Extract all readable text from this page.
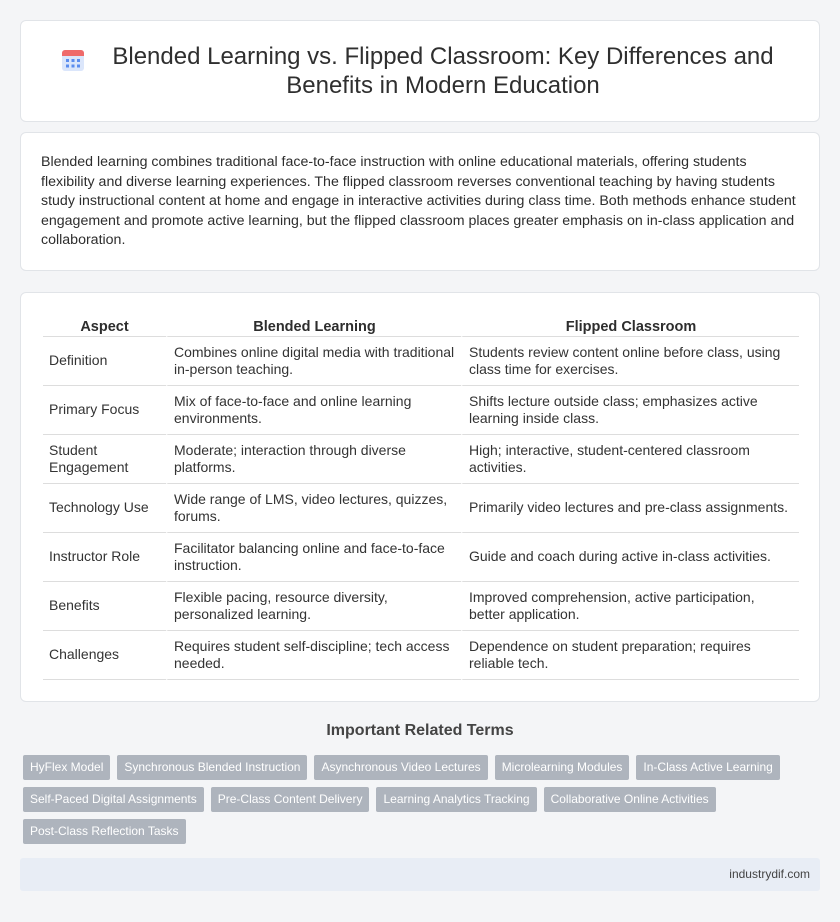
Blended Learning vs. Flipped Classroom: Key Differences and Benefits in Modern Education

Blended learning combines traditional face-to-face instruction with online educational materials, offering students flexibility and diverse learning experiences. The flipped classroom reverses conventional teaching by having students study instructional content at home and engage in interactive activities during class time. Both methods enhance student engagement and promote active learning, but the flipped classroom places greater emphasis on in-class application and collaboration.

Aspect	Blended Learning	Flipped Classroom
Definition	Combines online digital media with traditional in-person teaching.	Students review content online before class, using class time for exercises.
Primary Focus	Mix of face-to-face and online learning environments.	Shifts lecture outside class; emphasizes active learning inside class.
Student Engagement	Moderate; interaction through diverse platforms.	High; interactive, student-centered classroom activities.
Technology Use	Wide range of LMS, video lectures, quizzes, forums.	Primarily video lectures and pre-class assignments.
Instructor Role	Facilitator balancing online and face-to-face instruction.	Guide and coach during active in-class activities.
Benefits	Flexible pacing, resource diversity, personalized learning.	Improved comprehension, active participation, better application.
Challenges	Requires student self-discipline; tech access needed.	Dependence on student preparation; requires reliable tech.
Important Related Terms
HyFlex Model	Synchronous Blended Instruction	Asynchronous Video Lectures	Microlearning Modules	In-Class Active Learning
Self-Paced Digital Assignments	Pre-Class Content Delivery	Learning Analytics Tracking	Collaborative Online Activities
Post-Class Reflection Tasks
industrydif.com
